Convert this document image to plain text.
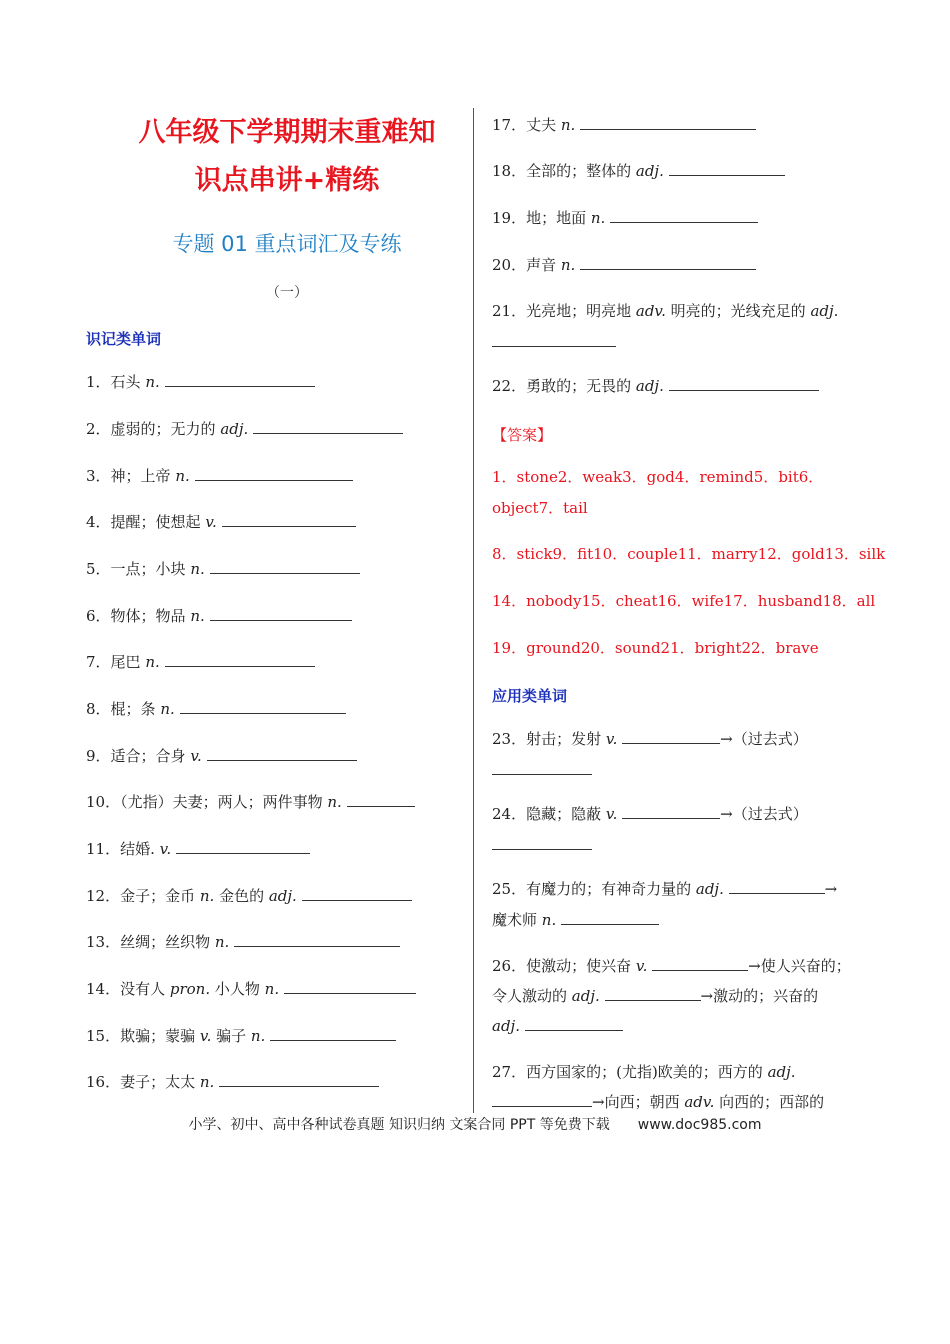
八年级下学期期末重难知
识点串讲+精练
专题 01 重点词汇及专练
（一）
识记类单词
1．石头 n.
2．虚弱的；无力的 adj.
3．神；上帝 n.
4．提醒；使想起 v.
5．一点；小块 n.
6．物体；物品 n.
7．尾巴 n.
8．棍；条 n.
9．适合；合身 v.
10．（尤指）夫妻；两人；两件事物 n.
11．结婚. v.
12．金子；金币 n. 金色的 adj.
13．丝绸；丝织物 n.
14．没有人 pron. 小人物 n.
15．欺骗；蒙骗 v. 骗子 n.
16．妻子；太太 n.
17．丈夫 n.
18．全部的；整体的 adj.
19．地；地面 n.
20．声音 n.
21．光亮地；明亮地 adv. 明亮的；光线充足的 adj.
22．勇敢的；无畏的 adj.
【答案】
1．stone2．weak3．god4．remind5．bit6．
object7．tail
8．stick9．fit10．couple11．marry12．gold13．silk
14．nobody15．cheat16．wife17．husband18．all
19．ground20．sound21．bright22．brave
应用类单词
23．射击；发射 v.	→（过去式）
24．隐藏；隐蔽 v.	→（过去式）
25．有魔力的；有神奇力量的 adj.	→
魔术师 n.
26．使激动；使兴奋 v.	→使人兴奋的；
令人激动的 adj.	→激动的；兴奋的
adj.
27．西方国家的；(尤指)欧美的；西方的 adj.
→向西；朝西 adv. 向西的；西部的
小学、初中、高中各种试卷真题 知识归纳 文案合同 PPT 等免费下载 www.doc985.com
